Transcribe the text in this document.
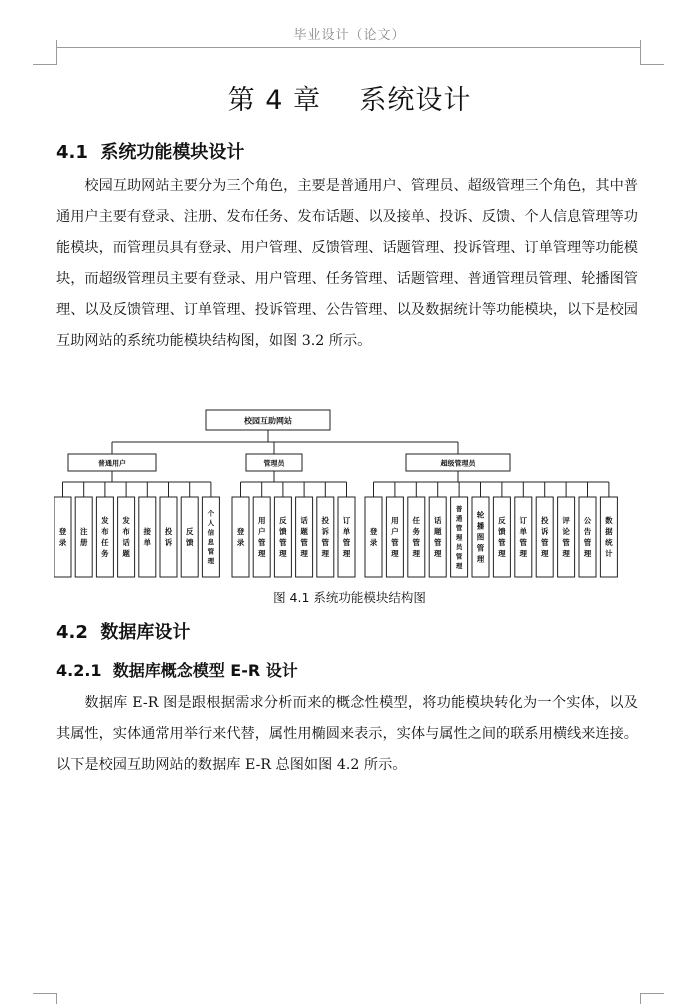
毕业设计（论文）
第 4 章    系统设计
4.1  系统功能模块设计

校园互助网站主要分为三个角色，主要是普通用户、管理员、超级管理三个角色，其中普通用户主要有登录、注册、发布任务、发布话题、以及接单、投诉、反馈、个人信息管理等功能模块，而管理员具有登录、用户管理、反馈管理、话题管理、投诉管理、订单管理等功能模块，而超级管理员主要有登录、用户管理、任务管理、话题管理、普通管理员管理、轮播图管理、以及反馈管理、订单管理、投诉管理、公告管理、以及数据统计等功能模块，以下是校园互助网站的系统功能模块结构图，如图 3.2 所示。

校园互助网站
普通用户
登录
注册
发布任务
发布话题
接单
投诉
反馈
个人信息管理
管理员
登录
用户管理
反馈管理
话题管理
投诉管理
订单管理
超级管理员
登录
用户管理
任务管理
话题管理
普通管理员管理
轮播图管理
反馈管理
订单管理
投诉管理
评论管理
公告管理
数据统计
图 4.1 系统功能模块结构图
4.2  数据库设计
4.2.1  数据库概念模型 E-R 设计

数据库 E-R 图是跟根据需求分析而来的概念性模型，将功能模块转化为一个实体，以及其属性，实体通常用举行来代替，属性用椭圆来表示，实体与属性之间的联系用横线来连接。以下是校园互助网站的数据库 E-R 总图如图 4.2 所示。
